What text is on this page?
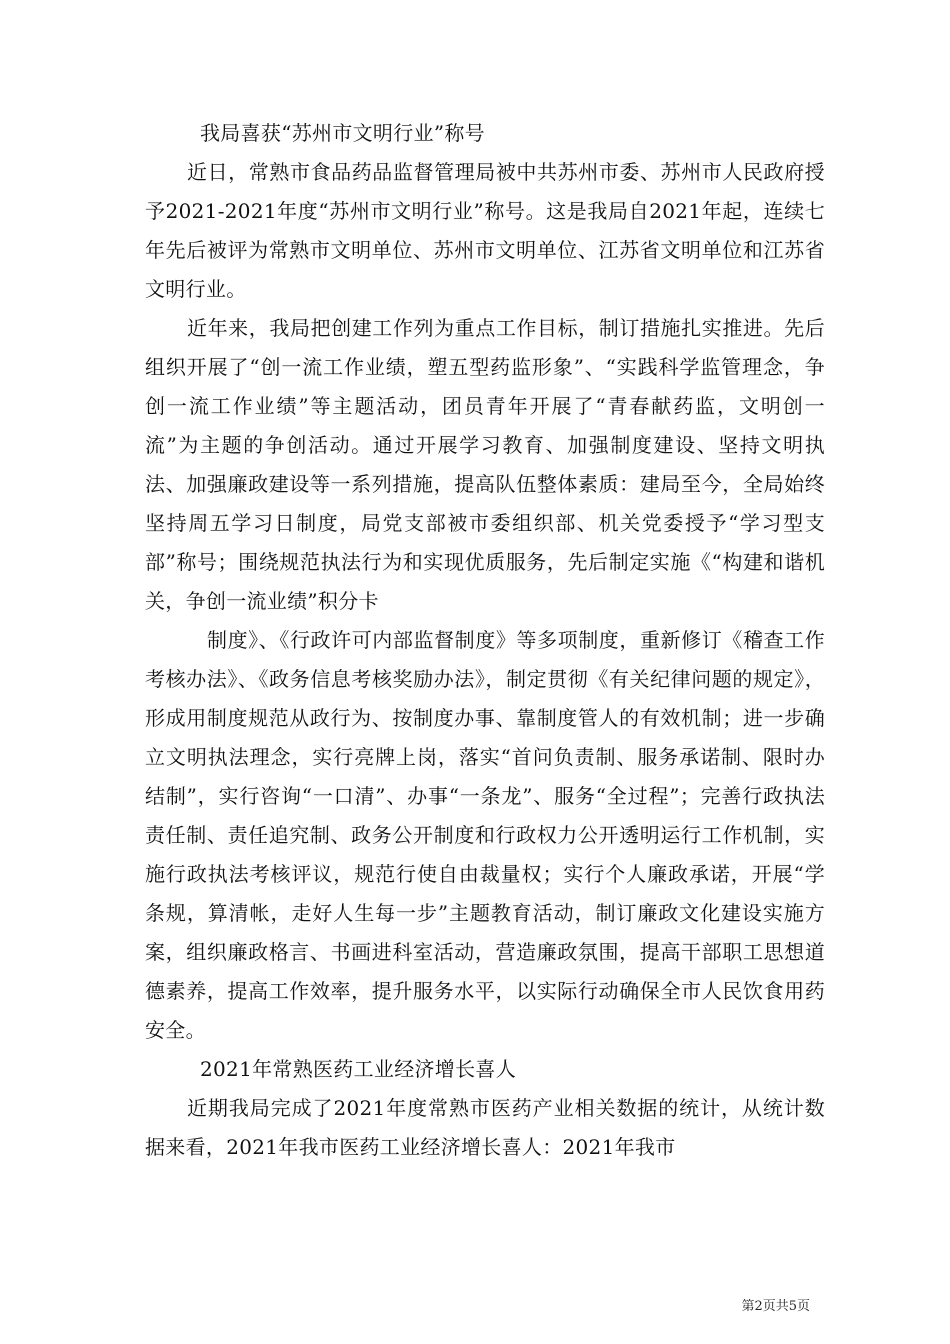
我局喜获“苏州市文明行业”称号

近日，常熟市食品药品监督管理局被中共苏州市委、苏州市人民政府授予2021-2021年度“苏州市文明行业”称号。这是我局自2021年起，连续七年先后被评为常熟市文明单位、苏州市文明单位、江苏省文明单位和江苏省文明行业。

近年来，我局把创建工作列为重点工作目标，制订措施扎实推进。先后组织开展了“创一流工作业绩，塑五型药监形象”、“实践科学监管理念，争创一流工作业绩”等主题活动，团员青年开展了“青春献药监，文明创一流”为主题的争创活动。通过开展学习教育、加强制度建设、坚持文明执法、加强廉政建设等一系列措施，提高队伍整体素质：建局至今，全局始终坚持周五学习日制度，局党支部被市委组织部、机关党委授予“学习型支部”称号；围绕规范执法行为和实现优质服务，先后制定实施《“构建和谐机关，争创一流业绩”积分卡

制度》、《行政许可内部监督制度》等多项制度，重新修订《稽查工作考核办法》、《政务信息考核奖励办法》，制定贯彻《有关纪律问题的规定》，形成用制度规范从政行为、按制度办事、靠制度管人的有效机制；进一步确立文明执法理念，实行亮牌上岗，落实“首问负责制、服务承诺制、限时办结制”，实行咨询“一口清”、办事“一条龙”、服务“全过程”；完善行政执法责任制、责任追究制、政务公开制度和行政权力公开透明运行工作机制，实施行政执法考核评议，规范行使自由裁量权；实行个人廉政承诺，开展“学条规，算清帐，走好人生每一步”主题教育活动，制订廉政文化建设实施方案，组织廉政格言、书画进科室活动，营造廉政氛围，提高干部职工思想道德素养，提高工作效率，提升服务水平，以实际行动确保全市人民饮食用药安全。

2021年常熟医药工业经济增长喜人

近期我局完成了2021年度常熟市医药产业相关数据的统计，从统计数据来看，2021年我市医药工业经济增长喜人：2021年我市

第2页共5页
